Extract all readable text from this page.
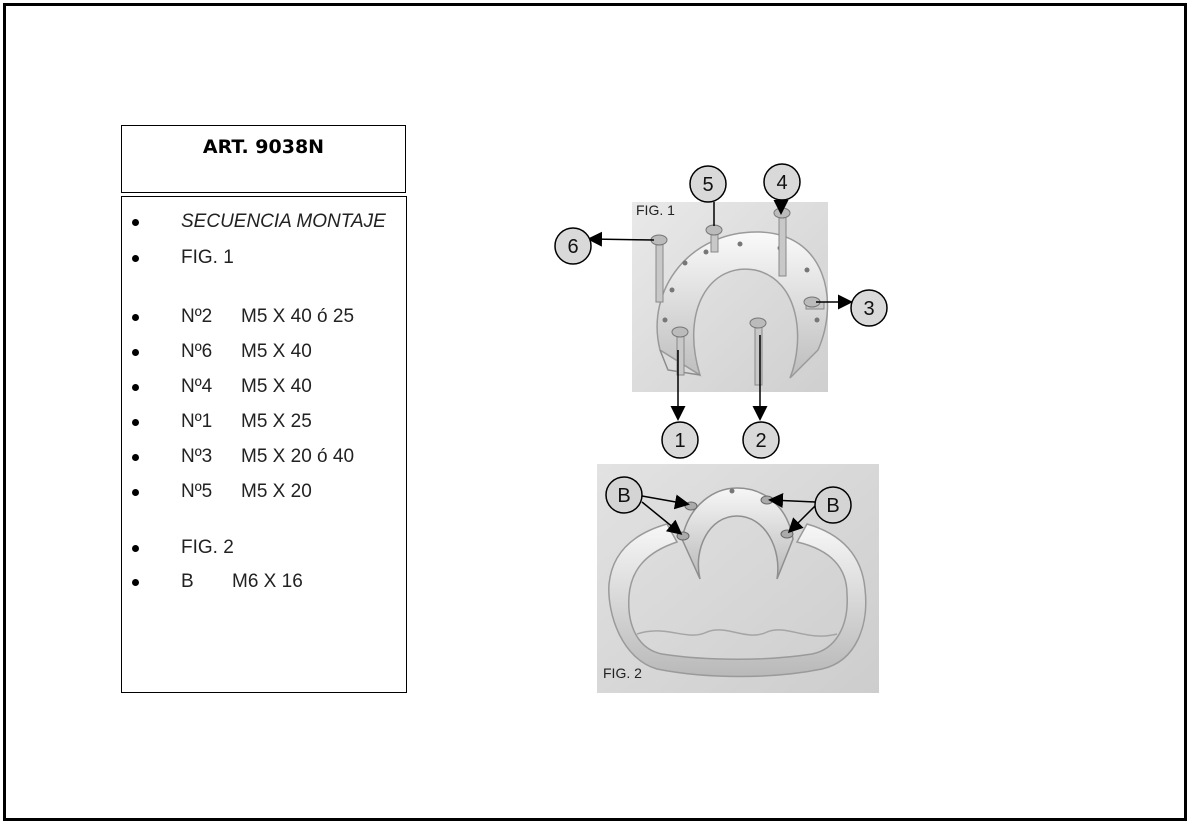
ART. 9038N
SECUENCIA MONTAJE
FIG. 1
Nº2 M5 X 40 ó 25
Nº6 M5 X 40
Nº4 M5 X 40
Nº1 M5 X 25
Nº3 M5 X 20 ó 40
Nº5 M5 X 20
FIG. 2
B M6 X 16
FIG. 1
5	4
6
3
1	2
B	B
FIG. 2
